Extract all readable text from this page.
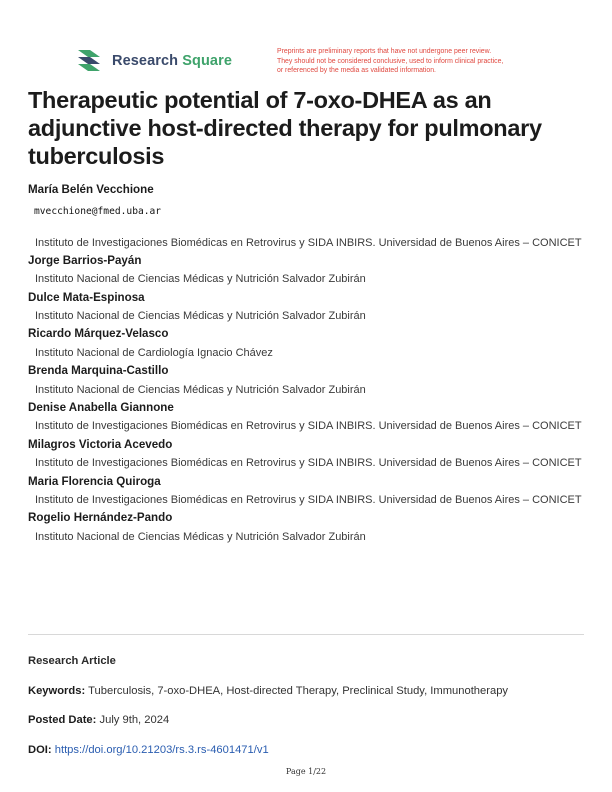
Research Square
Preprints are preliminary reports that have not undergone peer review.
They should not be considered conclusive, used to inform clinical practice,
or referenced by the media as validated information.
Therapeutic potential of 7-oxo-DHEA as an adjunctive host-directed therapy for pulmonary tuberculosis
María Belén Vecchione
mvecchione@fmed.uba.ar
Instituto de Investigaciones Biomédicas en Retrovirus y SIDA INBIRS. Universidad de Buenos Aires – CONICET
Jorge Barrios-Payán
Instituto Nacional de Ciencias Médicas y Nutrición Salvador Zubirán
Dulce Mata-Espinosa
Instituto Nacional de Ciencias Médicas y Nutrición Salvador Zubirán
Ricardo Márquez-Velasco
Instituto Nacional de Cardiología Ignacio Chávez
Brenda Marquina-Castillo
Instituto Nacional de Ciencias Médicas y Nutrición Salvador Zubirán
Denise Anabella Giannone
Instituto de Investigaciones Biomédicas en Retrovirus y SIDA INBIRS. Universidad de Buenos Aires – CONICET
Milagros Victoria Acevedo
Instituto de Investigaciones Biomédicas en Retrovirus y SIDA INBIRS. Universidad de Buenos Aires – CONICET
Maria Florencia Quiroga
Instituto de Investigaciones Biomédicas en Retrovirus y SIDA INBIRS. Universidad de Buenos Aires – CONICET
Rogelio Hernández-Pando
Instituto Nacional de Ciencias Médicas y Nutrición Salvador Zubirán
Research Article
Keywords: Tuberculosis, 7-oxo-DHEA, Host-directed Therapy, Preclinical Study, Immunotherapy
Posted Date: July 9th, 2024
DOI: https://doi.org/10.21203/rs.3.rs-4601471/v1
Page 1/22
